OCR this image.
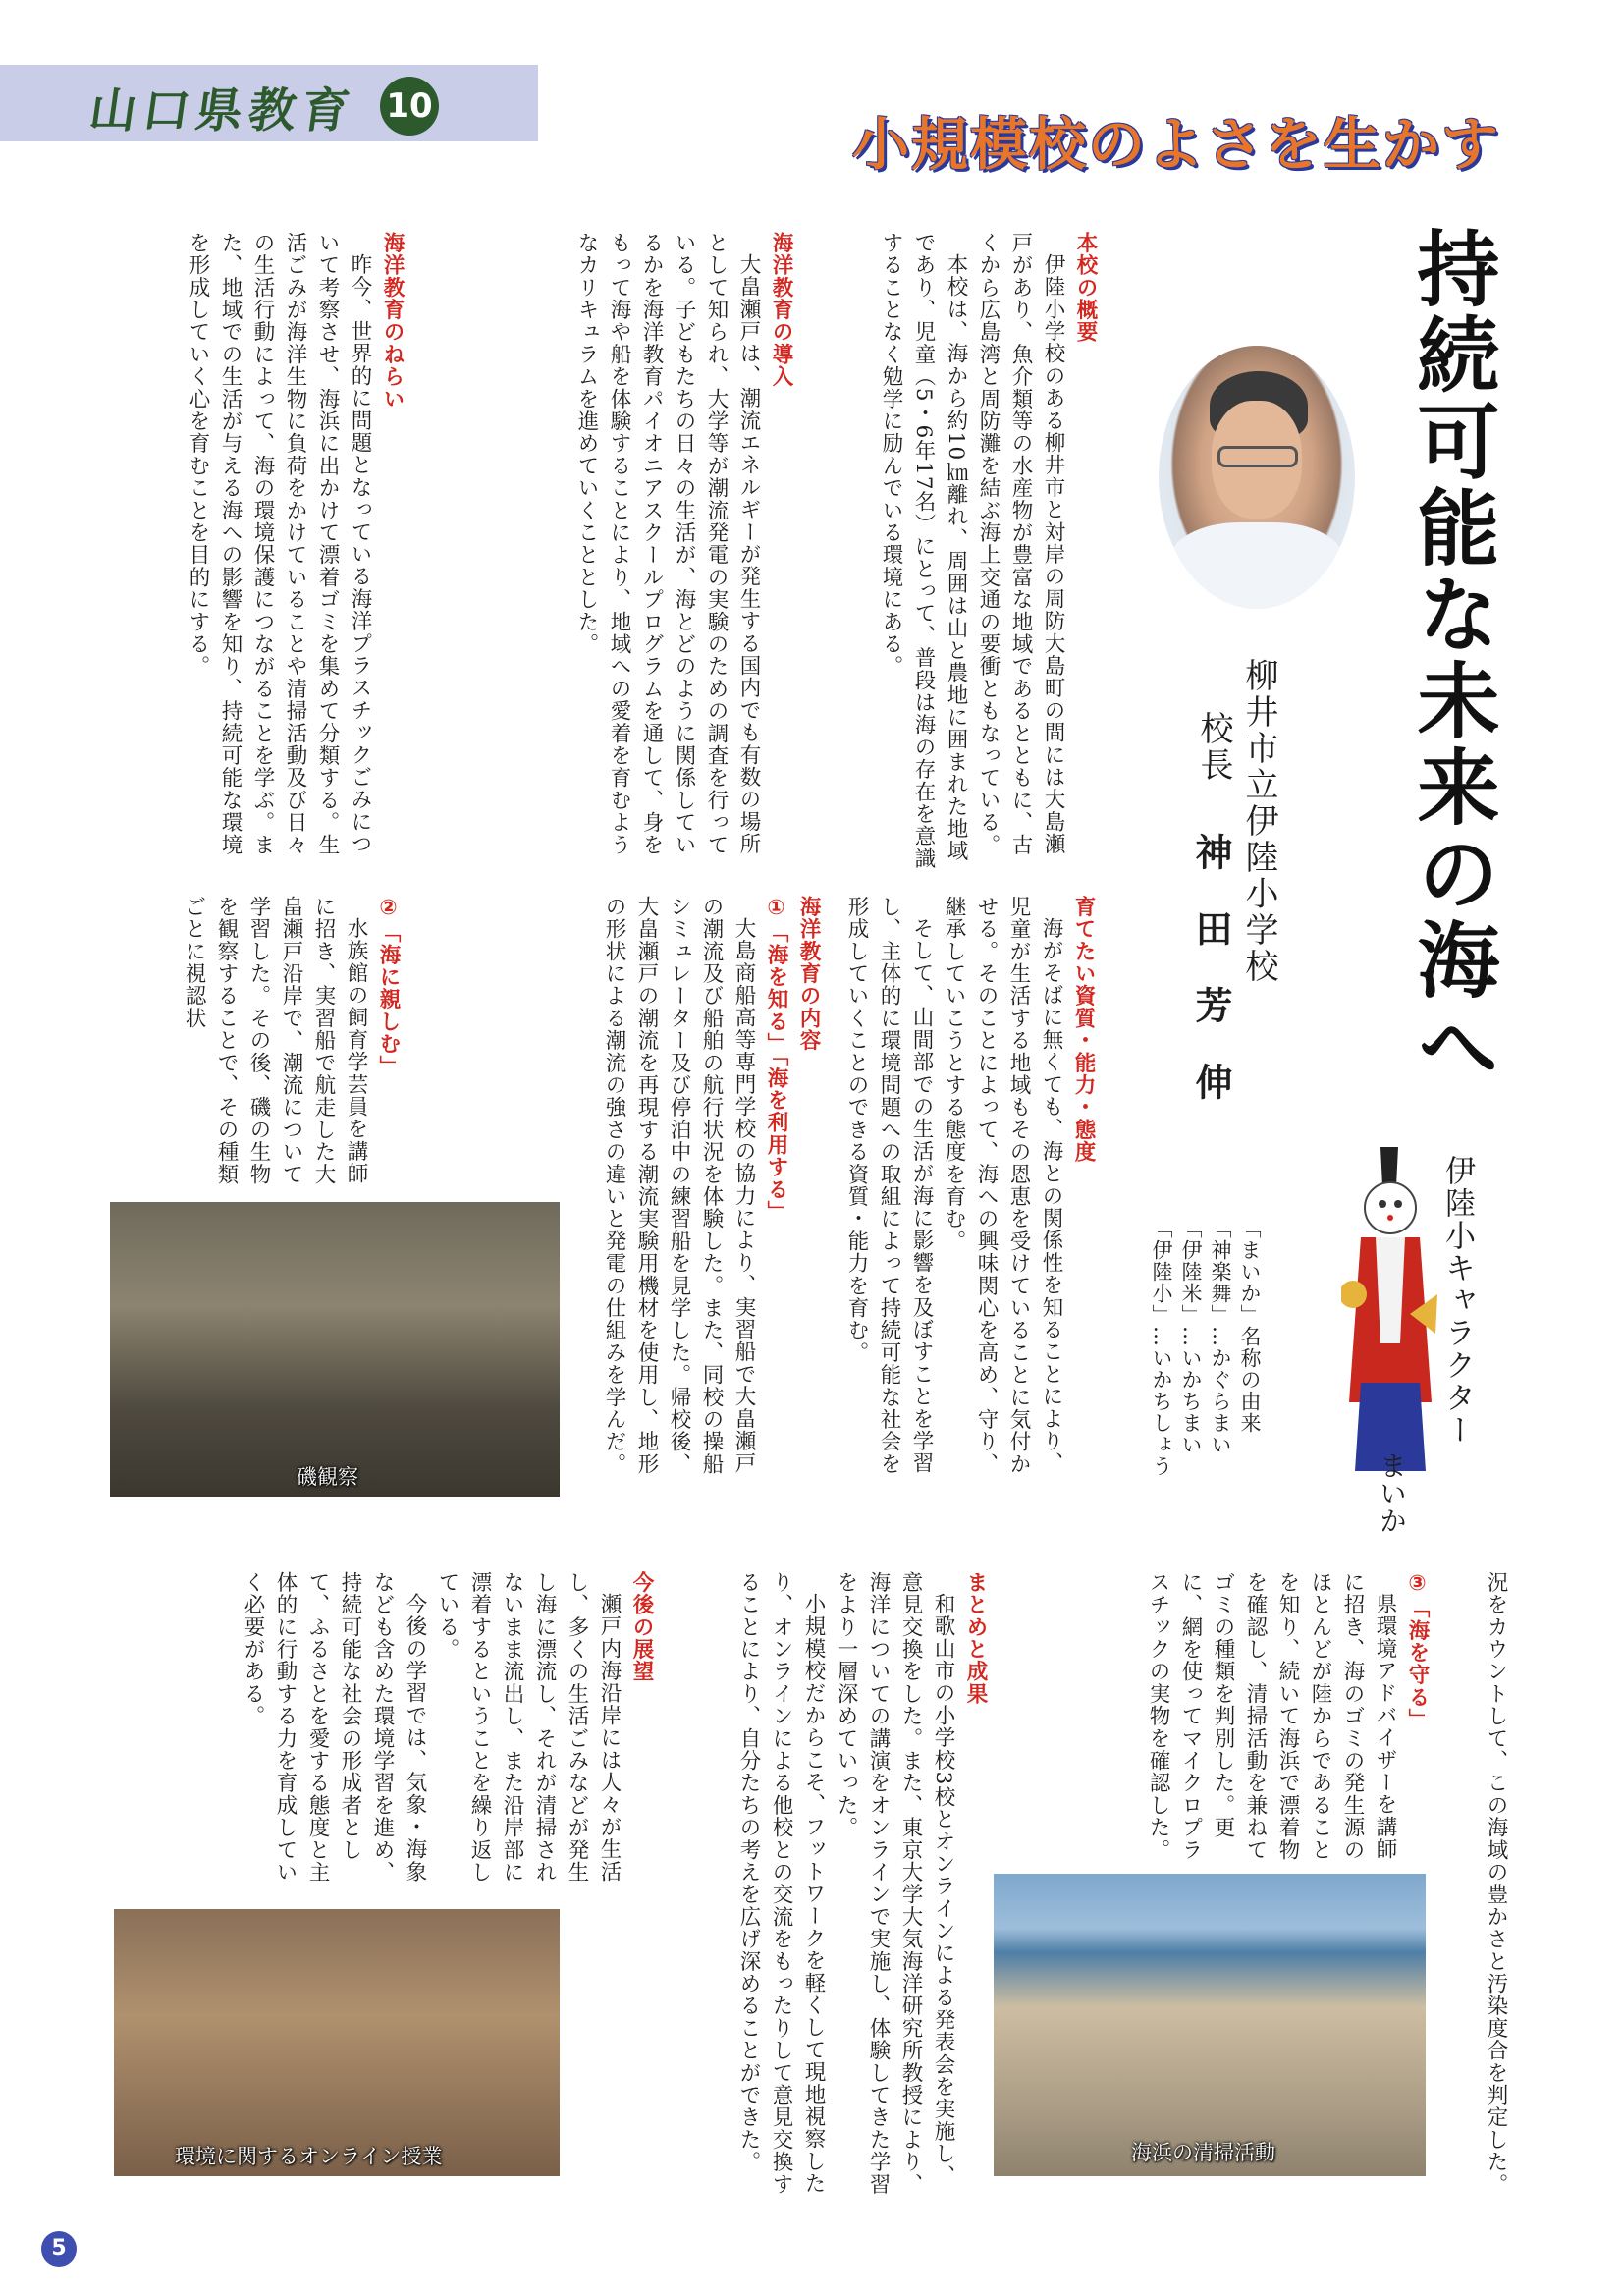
山口県教育 10
小規模校のよさを生かす
持続可能な未来の海へ
柳井市立伊陸小学校
校長
神田芳伸

本校の概要

伊陸小学校のある柳井市と対岸の周防大島町の間には大島瀬戸があり、魚介類等の水産物が豊富な地域であるとともに、古くから広島湾と周防灘を結ぶ海上交通の要衝ともなっている。

本校は、海から約10㎞離れ、周囲は山と農地に囲まれた地域であり、児童（5・6年17名）にとって、普段は海の存在を意識することなく勉学に励んでいる環境にある。

海洋教育の導入

大畠瀬戸は、潮流エネルギーが発生する国内でも有数の場所として知られ、大学等が潮流発電の実験のための調査を行っている。子どもたちの日々の生活が、海とどのように関係しているかを海洋教育パイオニアスクールプログラムを通して、身をもって海や船を体験することにより、地域への愛着を育むようなカリキュラムを進めていくこととした。

海洋教育のねらい

昨今、世界的に問題となっている海洋プラスチックごみについて考察させ、海浜に出かけて漂着ゴミを集めて分類する。生活ごみが海洋生物に負荷をかけていることや清掃活動及び日々の生活行動によって、海の環境保護につながることを学ぶ。また、地域での生活が与える海への影響を知り、持続可能な環境を形成していく心を育むことを目的にする。

育てたい資質・能力・態度

海がそばに無くても、海との関係性を知ることにより、児童が生活する地域もその恩恵を受けていることに気付かせる。そのことによって、海への興味関心を高め、守り、継承していこうとする態度を育む。

そして、山間部での生活が海に影響を及ぼすことを学習し、主体的に環境問題への取組によって持続可能な社会を形成していくことのできる資質・能力を育む。

海洋教育の内容

①「海を知る」「海を利用する」

大島商船高等専門学校の協力により、実習船で大畠瀬戸の潮流及び船舶の航行状況を体験した。また、同校の操船シミュレーター及び停泊中の練習船を見学した。帰校後、大畠瀬戸の潮流を再現する潮流実験用機材を使用し、地形の形状による潮流の強さの違いと発電の仕組みを学んだ。

②「海に親しむ」

水族館の飼育学芸員を講師に招き、実習船で航走した大畠瀬戸沿岸で、潮流について学習した。その後、磯の生物を観察することで、その種類ごとに視認状

伊陸小キャラクター
「まいか」名称の由来
「神楽舞」…かぐらまい
「伊陸米」…いかちまい
「伊陸小」…いかちしょう
まいか
磯観察
海浜の清掃活動
環境に関するオンライン授業	況をカウントして、この海域の豊かさと汚染度合を判定した。

③「海を守る」

県環境アドバイザーを講師に招き、海のゴミの発生源のほとんどが陸からであることを知り、続いて海浜で漂着物を確認し、清掃活動を兼ねてゴミの種類を判別した。更に、網を使ってマイクロプラスチックの実物を確認した。

まとめと成果

和歌山市の小学校3校とオンラインによる発表会を実施し、意見交換をした。また、東京大学大気海洋研究所教授により、海洋についての講演をオンラインで実施し、体験してきた学習をより一層深めていった。

小規模校だからこそ、フットワークを軽くして現地視察したり、オンラインによる他校との交流をもったりして意見交換することにより、自分たちの考えを広げ深めることができた。

今後の展望

瀬戸内海沿岸には人々が生活し、多くの生活ごみなどが発生し海に漂流し、それが清掃されないまま流出し、また沿岸部に漂着するということを繰り返している。

今後の学習では、気象・海象なども含めた環境学習を進め、持続可能な社会の形成者として、ふるさとを愛する態度と主体的に行動する力を育成していく必要がある。

5
